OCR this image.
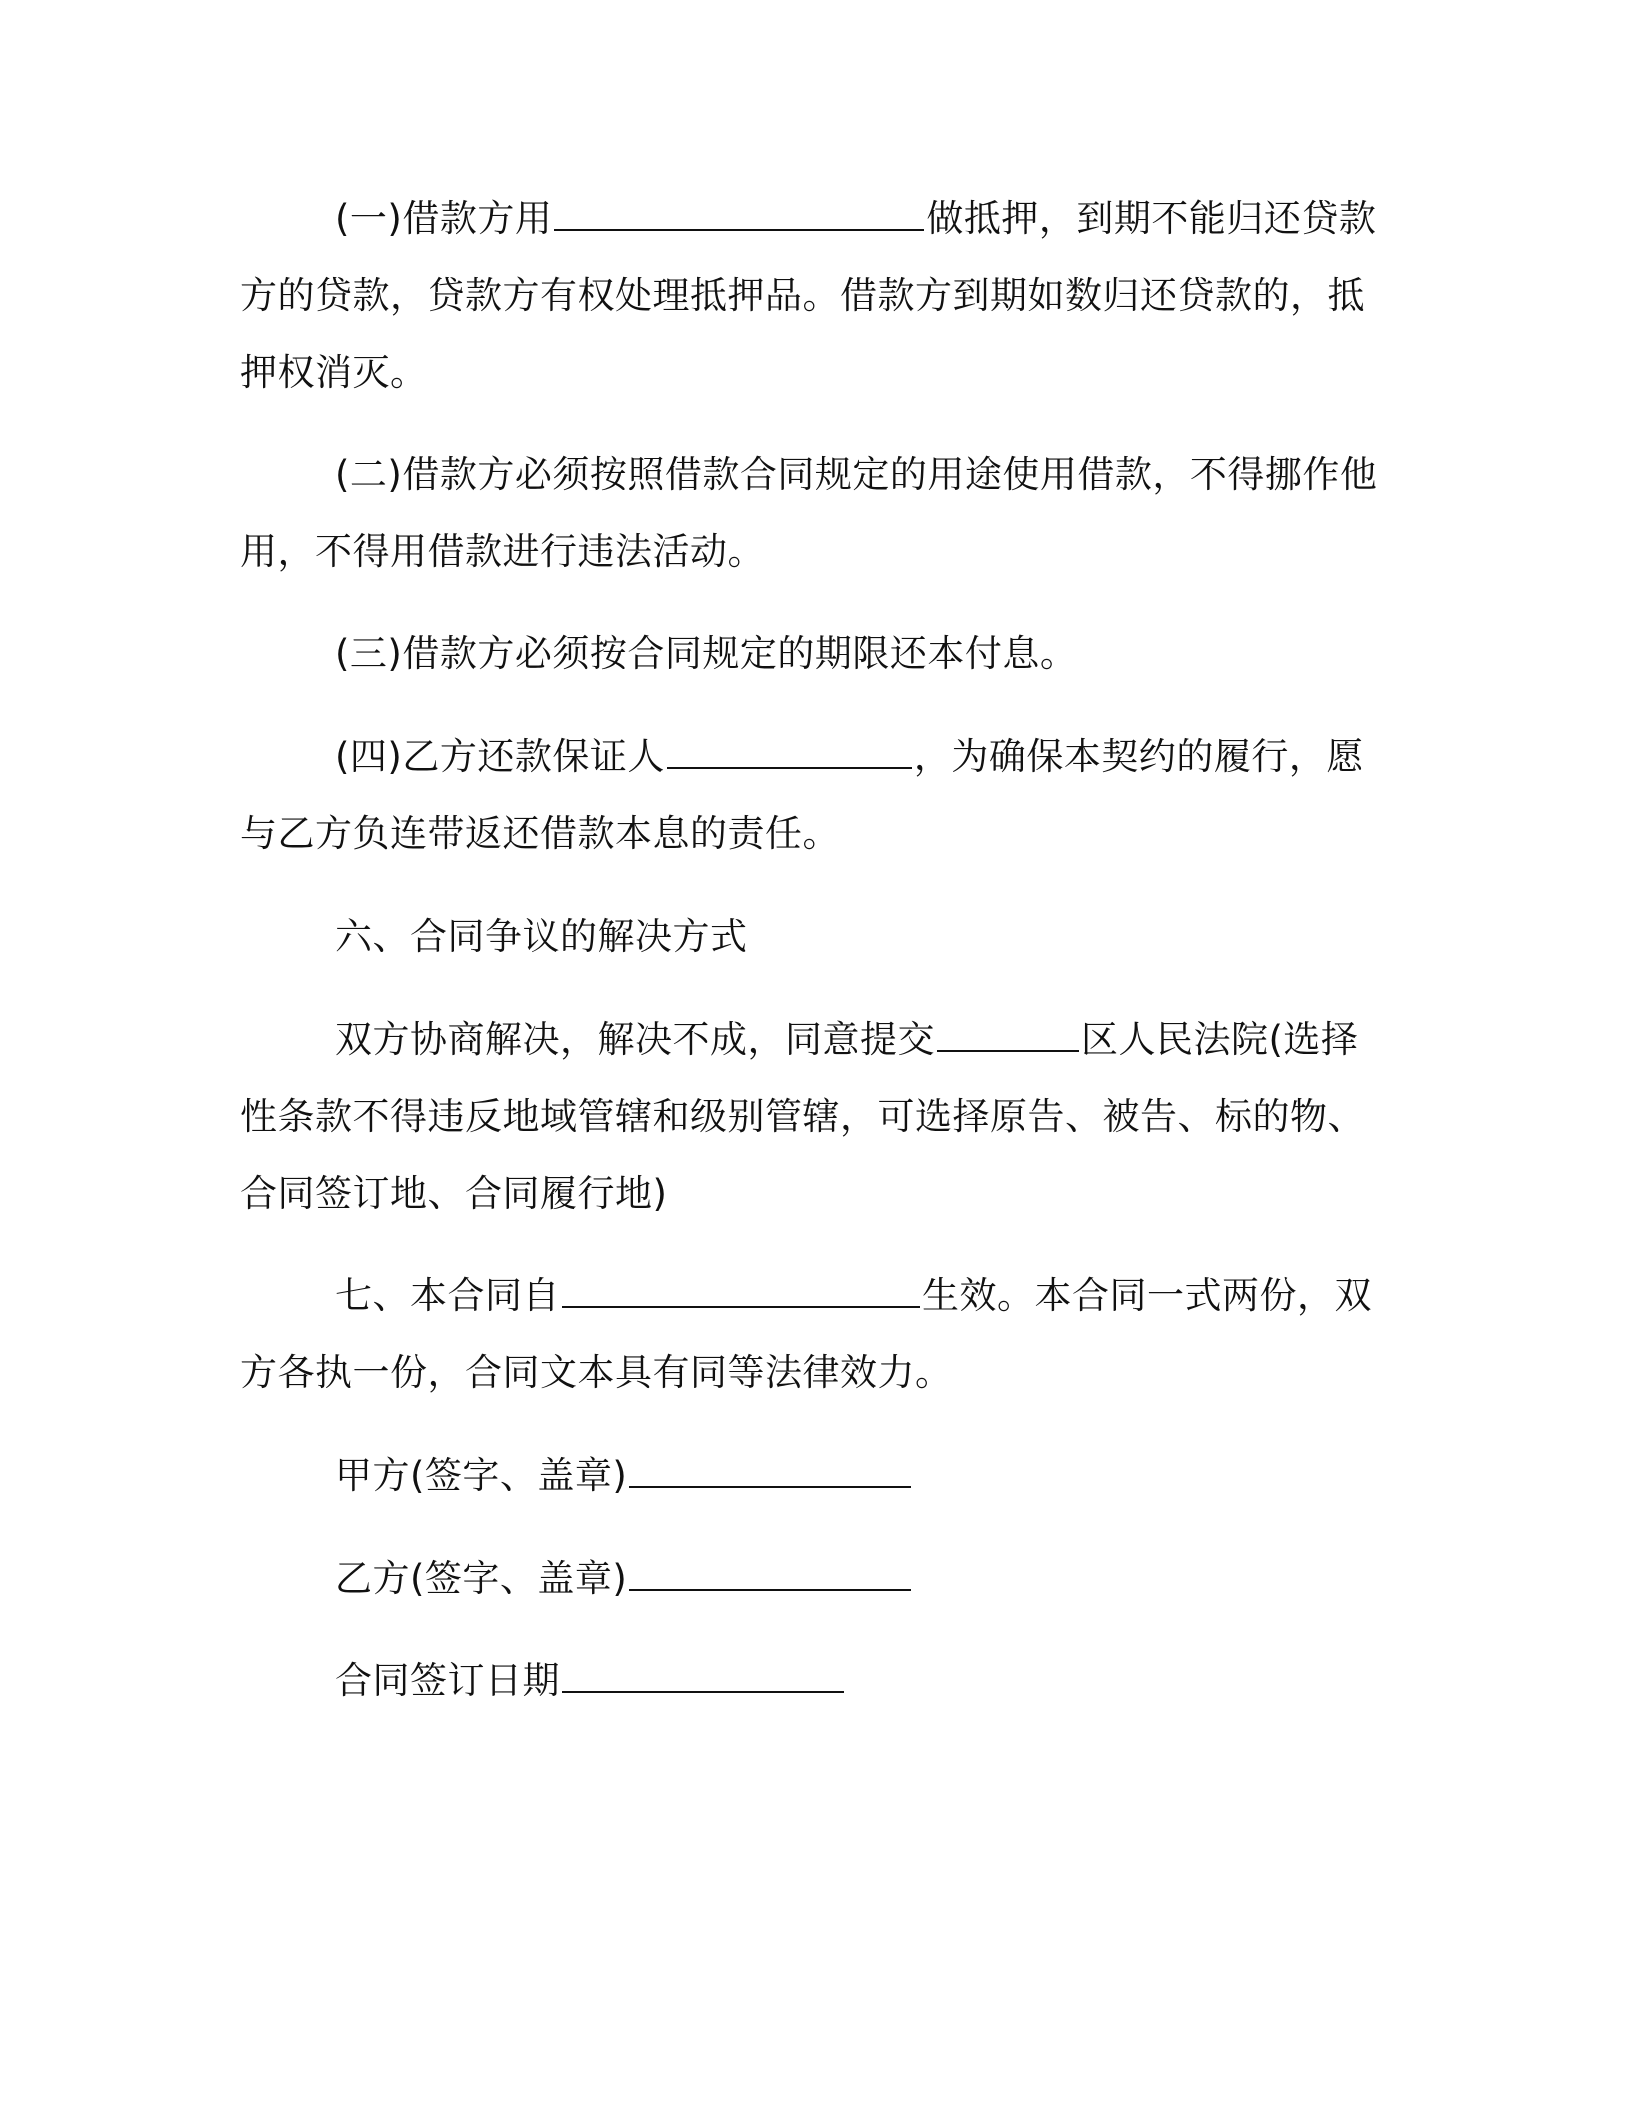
(一)借款方用	做抵押，到期不能归还贷款
方的贷款，贷款方有权处理抵押品。借款方到期如数归还贷款的，抵
押权消灭。
(二)借款方必须按照借款合同规定的用途使用借款，不得挪作他
用，不得用借款进行违法活动。
(三)借款方必须按合同规定的期限还本付息。
(四)乙方还款保证人	，为确保本契约的履行，愿
与乙方负连带返还借款本息的责任。
六、合同争议的解决方式
双方协商解决，解决不成，同意提交	区人民法院(选择
性条款不得违反地域管辖和级别管辖，可选择原告、被告、标的物、
合同签订地、合同履行地)
七、本合同自	生效。本合同一式两份，双
方各执一份，合同文本具有同等法律效力。
甲方(签字、盖章)
乙方(签字、盖章)
合同签订日期
